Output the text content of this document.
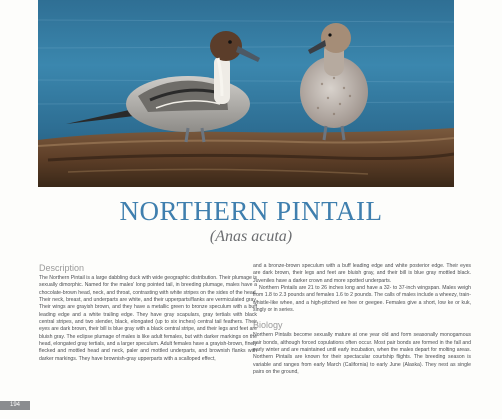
NORTHERN PINTAIL
(Anas acuta)
Description

The Northern Pintail is a large dabbling duck with wide geographic distribution. Their plumage is sexually dimorphic. Named for the males' long pointed tail, in breeding plumage, males have a chocolate-brown head, neck, and throat, contrasting with white stripes on the sides of the head. Their neck, breast, and underparts are white, and their upperparts/flanks are vermiculated gray. Their wings are grayish brown, and they have a metallic green to bronze speculum with a buff leading edge and a white trailing edge. They have gray scapulars, gray tertials with black central stripes, and two slender, black, elongated (up to six inches) central tail feathers. Their eyes are dark brown, their bill is blue gray with a black central stripe, and their legs and feet are bluish gray. The eclipse plumage of males is like adult females, but with darker markings on the head, elongated gray tertials, and a larger speculum. Adult females have a grayish-brown, finely flecked and mottled head and neck, paler and mottled underparts, and brownish flanks with darker markings. They have brownish-gray upperparts with a scalloped effect,

and a bronze-brown speculum with a buff leading edge and white posterior edge. Their eyes are dark brown, their legs and feet are bluish gray, and their bill is blue gray mottled black. Juveniles have a darker crown and more spotted underparts.

Northern Pintails are 21 to 26 inches long and have a 32- to 37-inch wingspan. Males weigh from 1.8 to 2.3 pounds and females 1.6 to 2 pounds. The calls of males include a wheezy, train-whistle-like whee, and a high-pitched ee hee or geegee. Females give a short, low ke or kuk, singly or in series.

Biology

Northern Pintails become sexually mature at one year old and form seasonally monogamous pair bonds, although forced copulations often occur. Most pair bonds are formed in the fall and early winter and are maintained until early incubation, when the males depart for molting areas. Northern Pintails are known for their spectacular courtship flights. The breeding season is variable and ranges from early March (California) to early June (Alaska). They nest as single pairs on the ground,

194
